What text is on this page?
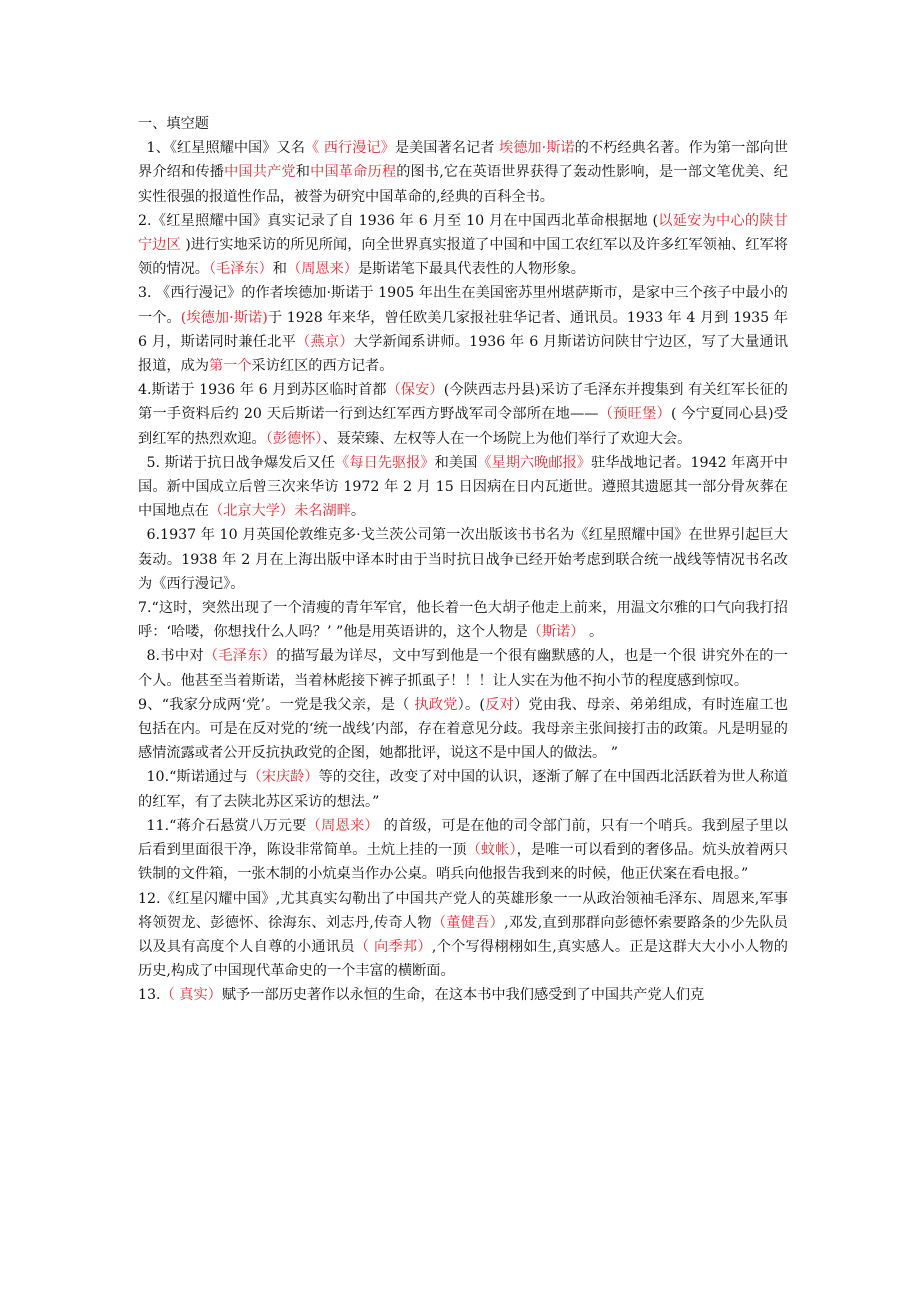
一、填空题

1、《红星照耀中国》又名《 西行漫记》是美国著名记者 埃德加·斯诺的不朽经典名著。作为第一部向世界介绍和传播中国共产党和中国革命历程的图书,它在英语世界获得了轰动性影响，是一部文笔优美、纪实性很强的报道性作品，被誉为研究中国革命的,经典的百科全书。

2.《红星照耀中国》真实记录了自 1936 年 6 月至 10 月在中国西北革命根据地 (以延安为中心的陕甘宁边区 )进行实地采访的所见所闻，向全世界真实报道了中国和中国工农红军以及许多红军领袖、红军将领的情况。（毛泽东）和（周恩来）是斯诺笔下最具代表性的人物形象。

3. 《西行漫记》的作者埃德加·斯诺于 1905 年出生在美国密苏里州堪萨斯市，是家中三个孩子中最小的一个。(埃德加·斯诺)于 1928 年来华，曾任欧美几家报社驻华记者、通讯员。1933 年 4 月到 1935 年 6 月，斯诺同时兼任北平（燕京）大学新闻系讲师。1936 年 6 月斯诺访问陕甘宁边区，写了大量通讯报道，成为第一个采访红区的西方记者。

4.斯诺于 1936 年 6 月到苏区临时首都（保安）(今陕西志丹县)采访了毛泽东并搜集到 有关红军长征的第一手资料后约 20 天后斯诺一行到达红军西方野战军司令部所在地——（预旺堡）( 今宁夏同心县)受到红军的热烈欢迎。（彭德怀）、聂荣臻、左权等人在一个场院上为他们举行了欢迎大会。

5. 斯诺于抗日战争爆发后又任《每日先驱报》和美国《星期六晚邮报》驻华战地记者。1942 年离开中国。新中国成立后曾三次来华访 1972 年 2 月 15 日因病在日内瓦逝世。遵照其遗愿其一部分骨灰葬在中国地点在（北京大学）未名湖畔。

6.1937 年 10 月英国伦敦维克多·戈兰茨公司第一次出版该书书名为《红星照耀中国》在世界引起巨大轰动。1938 年 2 月在上海出版中译本时由于当时抗日战争已经开始考虑到联合统一战线等情况书名改为《西行漫记》。

7.“这时，突然出现了一个清瘦的青年军官，他长着一色大胡子他走上前来，用温文尔雅的口气向我打招呼：‘哈喽，你想找什么人吗？’ ”他是用英语讲的，这个人物是（斯诺） 。

8.书中对（毛泽东）的描写最为详尽，文中写到他是一个很有幽默感的人，也是一个很 讲究外在的一个人。他甚至当着斯诺，当着林彪接下裤子抓虱子！！！让人实在为他不拘小节的程度感到惊叹。

9、“我家分成两‘党’。一党是我父亲，是（ 执政党）。(反对）党由我、母亲、弟弟组成，有时连雇工也包括在内。可是在反对党的‘统一战线’内部，存在着意见分歧。我母亲主张间接打击的政策。凡是明显的感情流露或者公开反抗执政党的企图，她都批评，说这不是中国人的做法。 ”

10.“斯诺通过与（宋庆龄）等的交往，改变了对中国的认识，逐渐了解了在中国西北活跃着为世人称道的红军，有了去陕北苏区采访的想法。”

11.“蒋介石悬赏八万元要（周恩来） 的首级，可是在他的司令部门前，只有一个哨兵。我到屋子里以后看到里面很干净，陈设非常简单。土炕上挂的一顶（蚊帐），是唯一可以看到的奢侈品。炕头放着两只铁制的文件箱，一张木制的小炕桌当作办公桌。哨兵向他报告我到来的时候，他正伏案在看电报。”

12.《红星闪耀中国》,尤其真实勾勒出了中国共产党人的英雄形象一一从政治领袖毛泽东、周恩来,军事将领贺龙、彭德怀、徐海东、刘志丹,传奇人物（董健吾）,邓发,直到那群向彭德怀索要路条的少先队员以及具有高度个人自尊的小通讯员（ 向季邦）,个个写得栩栩如生,真实感人。正是这群大大小小人物的历史,构成了中国现代革命史的一个丰富的横断面。

13.（ 真实）赋予一部历史著作以永恒的生命，在这本书中我们感受到了中国共产党人们克
